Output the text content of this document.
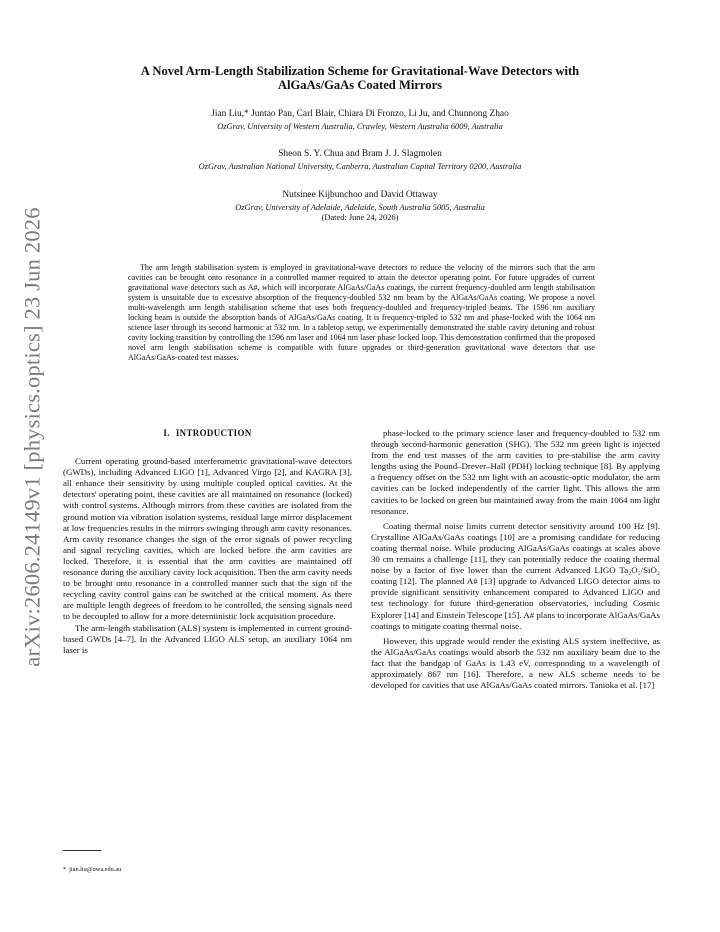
arXiv:2606.24149v1 [physics.optics] 23 Jun 2026
A Novel Arm-Length Stabilization Scheme for Gravitational-Wave Detectors with
AlGaAs/GaAs Coated Mirrors
Jian Liu,* Juntao Pan, Carl Blair, Chiara Di Fronzo, Li Ju, and Chunnong Zhao
OzGrav, University of Western Australia, Crawley, Western Australia 6009, Australia
Sheon S. Y. Chua and Bram J. J. Slagmolen
OzGrav, Australian National University, Canberra, Australian Capital Territory 0200, Australia
Nutsinee Kijbunchoo and David Ottaway
OzGrav, University of Adelaide, Adelaide, South Australia 5005, Australia
(Dated: June 24, 2026)

The arm length stabilisation system is employed in gravitational-wave detectors to reduce the velocity of the mirrors such that the arm cavities can be brought onto resonance in a controlled manner required to attain the detector operating point. For future upgrades of current gravitational wave detectors such as A#, which will incorporate AlGaAs/GaAs coatings, the current frequency-doubled arm length stabilisation system is unsuitable due to excessive absorption of the frequency-doubled 532 nm beam by the AlGaAs/GaAs coating. We propose a novel multi-wavelength arm length stabilisation scheme that uses both frequency-doubled and frequency-tripled beams. The 1596 nm auxiliary locking beam is outside the absorption bands of AlGaAs/GaAs coating. It is frequency-tripled to 532 nm and phase-locked with the 1064 nm science laser through its second harmonic at 532 nm. In a tabletop setup, we experimentally demonstrated the stable cavity detuning and robust cavity locking transition by controlling the 1596 nm laser and 1064 nm laser phase locked loop. This demonstration confirmed that the proposed novel arm length stabilisation scheme is compatible with future upgrades or third-generation gravitational wave detectors that use AlGaAs/GaAs-coated test masses.

I. INTRODUCTION

Current operating ground-based interferometric gravitational-wave detectors (GWDs), including Advanced LIGO [1], Advanced Virgo [2], and KAGRA [3], all enhance their sensitivity by using multiple coupled optical cavities. At the detectors' operating point, these cavities are all maintained on resonance (locked) with control systems. Although mirrors from these cavities are isolated from the ground motion via vibration isolation systems, residual large mirror displacement at low frequencies results in the mirrors swinging through arm cavity resonances. Arm cavity resonance changes the sign of the error signals of power recycling and signal recycling cavities, which are locked before the arm cavities are locked. Therefore, it is essential that the arm cavities are maintained off resonance during the auxiliary cavity lock acquisition. Then the arm cavity needs to be brought onto resonance in a controlled manner such that the sign of the recycling cavity control gains can be switched at the critical moment. As there are multiple length degrees of freedom to be controlled, the sensing signals need to be decoupled to allow for a more deterministic lock acquisition procedure.

The arm-length stabilisation (ALS) system is implemented in current ground-based GWDs [4–7]. In the Advanced LIGO ALS setup, an auxiliary 1064 nm laser is

phase-locked to the primary science laser and frequency-doubled to 532 nm through second-harmonic generation (SHG). The 532 nm green light is injected from the end test masses of the arm cavities to pre-stabilise the arm cavity lengths using the Pound–Drever–Hall (PDH) locking technique [8]. By applying a frequency offset on the 532 nm light with an acoustic-optic modulator, the arm cavities can be locked independently of the carrier light. This allows the arm cavities to be locked on green but maintained away from the main 1064 nm light resonance.

Coating thermal noise limits current detector sensitivity around 100 Hz [9]. Crystalline AlGaAs/GaAs coatings [10] are a promising candidate for reducing coating thermal noise. While producing AlGaAs/GaAs coatings at scales above 30 cm remains a challenge [11], they can potentially reduce the coating thermal noise by a factor of five lower than the current Advanced LIGO Ta₂O₅/SiO₂ coating [12]. The planned A# [13] upgrade to Advanced LIGO detector aims to provide significant sensitivity enhancement compared to Advanced LIGO and test technology for future third-generation observatories, including Cosmic Explorer [14] and Einstein Telescope [15]. A# plans to incorporate AlGaAs/GaAs coatings to mitigate coating thermal noise.

However, this upgrade would render the existing ALS system ineffective, as the AlGaAs/GaAs coatings would absorb the 532 nm auxiliary beam due to the fact that the bandgap of GaAs is 1.43 eV, corresponding to a wavelength of approximately 867 nm [16]. Therefore, a new ALS scheme needs to be developed for cavities that use AlGaAs/GaAs coated mirrors. Tanioka et al. [17]

* jian.liu@uwa.edu.au
